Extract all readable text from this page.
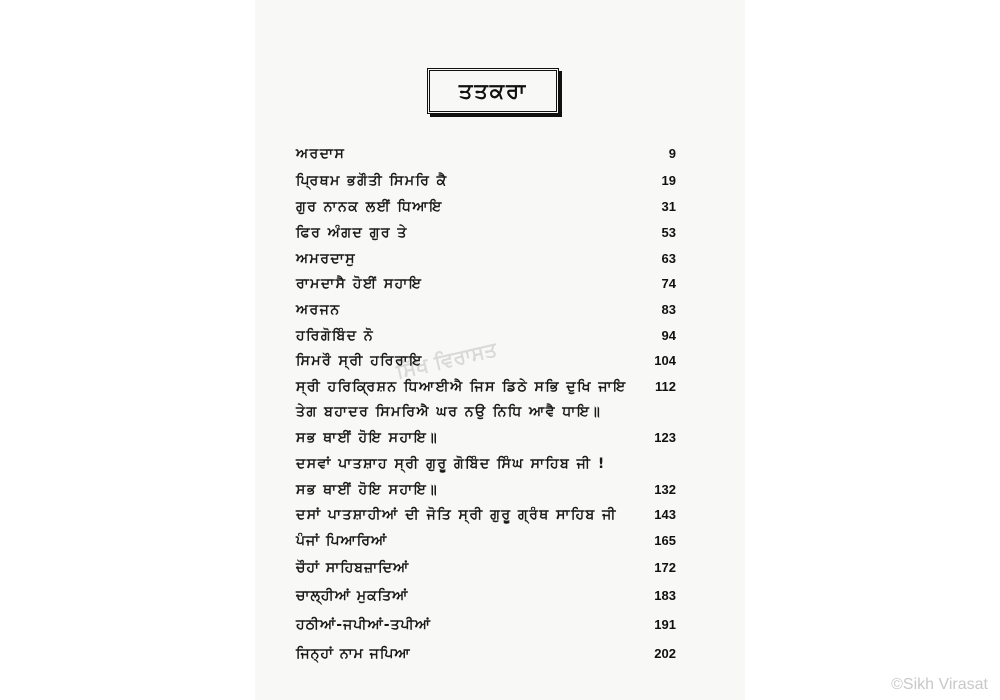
ਤਤਕਰਾ
ਸਿੱਖ ਵਿਰਾਸਤ
ਅਰਦਾਸ	9
ਪ੍ਰਿਥਮ ਭਗੌਤੀ ਸਿਮਰਿ ਕੈ	19
ਗੁਰ ਨਾਨਕ ਲਈਂ ਧਿਆਇ	31
ਫਿਰ ਅੰਗਦ ਗੁਰ ਤੇ	53
ਅਮਰਦਾਸੁ	63
ਰਾਮਦਾਸੈ ਹੋਈਂ ਸਹਾਇ	74
ਅਰਜਨ	83
ਹਰਿਗੋਬਿੰਦ ਨੋ	94
ਸਿਮਰੌ ਸ੍ਰੀ ਹਰਿਰਾਇ	104
ਸ੍ਰੀ ਹਰਿਕ੍ਰਿਸ਼ਨ ਧਿਆਈਐ ਜਿਸ ਡਿਠੇ ਸਭਿ ਦੁਖਿ ਜਾਇ 112
ਤੇਗ ਬਹਾਦਰ ਸਿਮਰਿਐ ਘਰ ਨਉ ਨਿਧਿ ਆਵੈ ਧਾਇ॥
ਸਭ ਥਾਈਂ ਹੋਇ ਸਹਾਇ॥	123
ਦਸਵਾਂ ਪਾਤਸ਼ਾਹ ਸ੍ਰੀ ਗੁਰੂ ਗੋਬਿੰਦ ਸਿੰਘ ਸਾਹਿਬ ਜੀ !
ਸਭ ਥਾਈਂ ਹੋਇ ਸਹਾਇ॥	132
ਦਸਾਂ ਪਾਤਸ਼ਾਹੀਆਂ ਦੀ ਜੋਤਿ ਸ੍ਰੀ ਗੁਰੂ ਗ੍ਰੰਥ ਸਾਹਿਬ ਜੀ	143
ਪੰਜਾਂ ਪਿਆਰਿਆਂ	165
ਚੌਹਾਂ ਸਾਹਿਬਜ਼ਾਦਿਆਂ	172
ਚਾਲ੍ਹੀਆਂ ਮੁਕਤਿਆਂ	183
ਹਠੀਆਂ-ਜਪੀਆਂ-ਤਪੀਆਂ	191
ਜਿਨ੍ਹਾਂ ਨਾਮ ਜਪਿਆ	202
©Sikh Virasat
